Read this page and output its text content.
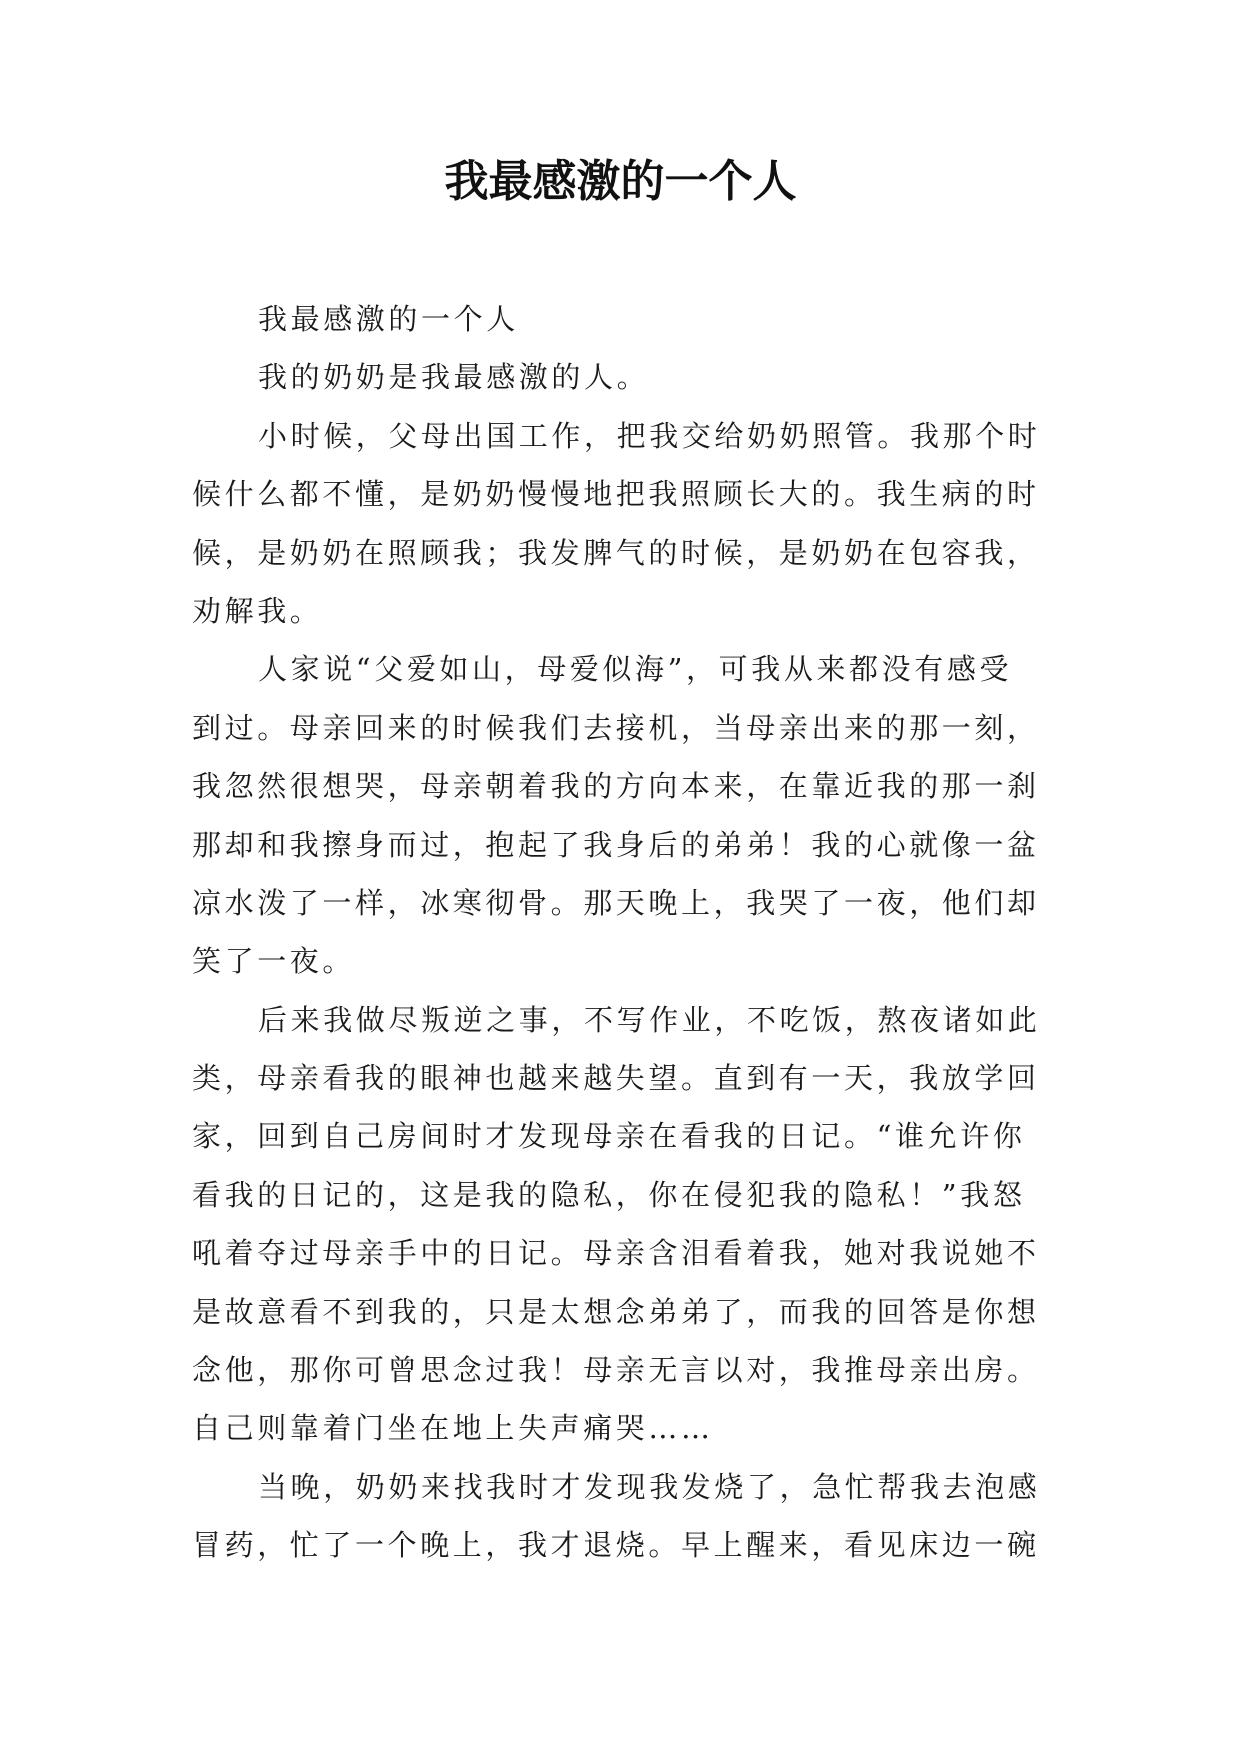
我最感激的一个人

我最感激的一个人

我的奶奶是我最感激的人。

小时候，父母出国工作，把我交给奶奶照管。我那个时
候什么都不懂，是奶奶慢慢地把我照顾长大的。我生病的时
候，是奶奶在照顾我；我发脾气的时候，是奶奶在包容我，
劝解我。

人家说“父爱如山，母爱似海”，可我从来都没有感受
到过。母亲回来的时候我们去接机，当母亲出来的那一刻，
我忽然很想哭，母亲朝着我的方向本来，在靠近我的那一刹
那却和我擦身而过，抱起了我身后的弟弟！我的心就像一盆
凉水泼了一样，冰寒彻骨。那天晚上，我哭了一夜，他们却
笑了一夜。

后来我做尽叛逆之事，不写作业，不吃饭，熬夜诸如此
类，母亲看我的眼神也越来越失望。直到有一天，我放学回
家，回到自己房间时才发现母亲在看我的日记。“谁允许你
看我的日记的，这是我的隐私，你在侵犯我的隐私！”我怒
吼着夺过母亲手中的日记。母亲含泪看着我，她对我说她不
是故意看不到我的，只是太想念弟弟了，而我的回答是你想
念他，那你可曾思念过我！母亲无言以对，我推母亲出房。
自己则靠着门坐在地上失声痛哭……

当晚，奶奶来找我时才发现我发烧了，急忙帮我去泡感
冒药，忙了一个晚上，我才退烧。早上醒来，看见床边一碗
